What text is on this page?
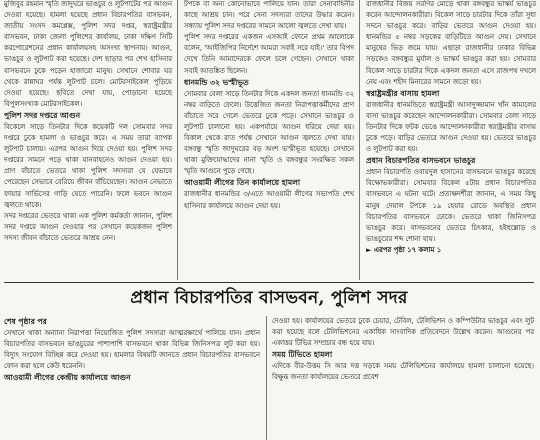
মুজিবুর রহমান স্মৃতি জাদুঘরে ভাঙচুর ও লুটপাটের পর আগুন দেওয়া হয়েছে। হামলা হয়েছে প্রধান বিচারপতির বাসভবন, জাতীয় সংসদ কমপ্লেক্স, পুলিশ সদর দপ্তর, স্বরাষ্ট্রমন্ত্রীর বাসভবন, ঢাকা জেলা পুলিশের কার্যালয়, ঢাকা দক্ষিণ সিটি করপোরেশনের প্রধান কার্যালয়সহ অসংখ্য স্থাপনায়। আগুন, ভাঙচুর ও লুটপাট করা হয়েছে। দেশ ছাড়ার পর শেখ হাসিনার বাসভবনে ঢুকে পড়েন হাজারো মানুষ। সেখানে শোবার ঘর থেকে রান্নাঘর পর্যন্ত লুটপাট চলে। মোটরসাইকেল পুড়িয়ে দেওয়া হয়েছে। ছবিতে দেখা যায়, পোড়ানো হয়েছে বিপুলসংখ্যক মোটরসাইকেল।

পুলিশ সদর দপ্তরে আগুন

বিকেলে সাড়ে তিনটার দিকে কয়েকটি দল সোমবার সদর দপ্তরে ঢুকে হামলা ও ভাঙচুর করে। এ সময় তারা ব্যাপক লুটপাট চালায়। এরপর আগুন দিয়ে দেওয়া হয়। পুলিশ সদর দপ্তরের সামনে পড়ে থাকা যানবাহনেও আগুন দেওয়া হয়। প্রাণ বাঁচাতে ভেতরে থাকা পুলিশ সদস্যরা যে যেভাবে পেরেছেন সেভাবে বেরিয়ে জীবন বাঁচিয়েছেন। আগুন নেভাতে ফায়ার সার্ভিসের গাড়ি যেতে পারেনি। ফলে ভবনে আগুন জ্বলতে থাকে।

সদর দপ্তরের ভেতরে থাকা এক পুলিশ কর্মকর্তা জানান, পুলিশ সদর দপ্তরে আগুন দেওয়ার পর সেখানে কয়েকজন পুলিশ সদস্য জীবন বাঁচাতে ভেতরে আশ্রয় নেন।

টপকে বা অন্য কোনোভাবে পালিয়ে যান। তারা সেনাবাহিনীর কাছে আশ্রয় চান। পরে সেনা সদস্যরা তাদের উদ্ধার করেন। সন্ধ্যায় পুলিশ সদর দপ্তরের সামনে আলো জ্বলতে দেখা যায়।

পুলিশ সদর দপ্তরের একজন এসআই ফোনে প্রথম আলোকে বলেন, 'আইজিপির নির্দেশে আমরা সবাই সরে যাই।' তার বিপদ দেখে তিনি আমাদেরকে ফেলে চলে গেছেন। সেখানে থাকা সবাই আতঙ্কিত ছিলেন।

ধানমন্ডি ৩২ ভস্মীভূত

সোমবার বেলা সাড়ে তিনটার দিকে একদল জনতা ধানমন্ডি ৩২ নম্বর বাড়িতে ফেলে। উত্তেজিত জনতা নিরাপত্তাকর্মীদের প্রাণ বাঁচাতে সরে গেলে ভেতরে ঢুকে পড়ে। সেখানে ভাঙচুর ও লুটপাট চালানো হয়। একপর্যায়ে আগুন ধরিয়ে দেয়া হয়। বিকাল থেকে রাত পর্যন্ত সেখানে আগুন জ্বলতে দেখা যায়। বঙ্গবন্ধু স্মৃতি জাদুঘরের বড় অংশ ভস্মীভূত হয়েছে। সেখানে থাকা মুক্তিযোদ্ধাদের নানা স্মৃতি ও বঙ্গবন্ধুর সংরক্ষিত সকল স্মৃতি আগুনে পুড়ে গেছে।

আওয়ামী লীগের তিন কার্যালয়ে হামলা

রাজধানীর ধানমন্ডির ৩/এতে আওয়ামী লীগের সভাপতি শেখ হাসিনার কার্যালয়ে আগুন দেয়া হয়।

রাজধানীর বিজয় সরণির মোড়ে থাকা বঙ্গবন্ধুর ভাস্কর্য ভাঙচুর করেন আন্দোলনকারীরা। বিকেল সাড়ে চারটার দিকে তাঁরা সুধা সদনে ভাঙচুর করে। বাড়ির ভেতরে আগুন দেওয়া হয়। ধানমন্ডির ৫ নম্বর সড়কের বাড়িটিতে আগুন দেয়। সেখানে মানুষের ভিড় জমে যায়। এছাড়া রাজধানীর ঢাকার বিভিন্ন সড়কেও বঙ্গবন্ধুর মুর্যাল ও ভাস্কর্য ভাঙচুর করা হয়। সোমবার বিকেল সাড়ে চারটার দিকে একদল জনতা এসে রাজপথ দখলে নেয় এবং শহীদ মিনারের সামনে জড়ো হয়।

স্বরাষ্ট্রমন্ত্রীর বাসায় হামলা

রাজধানীর ধানমন্ডিতে স্বরাষ্ট্রমন্ত্রী আসাদুজ্জামান খাঁন কামালের বাসা ভাঙচুর করেছেন আন্দোলনকারীরা। সোমবার বেলা সাড়ে তিনটার দিকে ফটক ভেঙে আন্দোলনকারীরা স্বরাষ্ট্রমন্ত্রীর বাসায় ঢুকে পড়ে। বাড়ির ভেতরে আগুন দেওয়া হয়। ভেতরে ভাঙচুর ও লুটপাট করা হয়।

প্রধান বিচারপতির বাসভবনে ভাঙচুর

প্রধান বিচারপতি ওবায়দুল হাসানের বাসভবনে ভাঙচুর করেছে বিক্ষোভকারীরা। সোমবার বিকেল ৫টায় প্রধান বিচারপতির বাসভবনে এ ঘটনা ঘটে। প্রত্যক্ষদর্শীরা জানান, এ সময় কিছু মানুষ দেয়াল টপকে ১৯ হেয়ার রোডে অবস্থিত প্রধান বিচারপতির বাসভবনে ঢোকে। ভেতরে থাকা জিনিসপত্র ভাঙচুর করে। বাসভবনের ভেতরে চিৎকার, হইহুল্লোড় ও ভাঙচুরের শব্দ শোনা যায়।

► এরপর পৃষ্ঠা ১৭ কলাম ১

প্রধান বিচারপতির বাসভবন, পুলিশ সদর

শেষ পৃষ্ঠার পর

সেখানে থাকা অন্যান্য নিরাপত্তা নিয়োজিত পুলিশ সদস্যরা আত্মরক্ষার্থে পালিয়ে যান। প্রধান বিচারপতির বাসভবনে ভাঙচুরের পাশাপাশি বাসভবনে থাকা বিভিন্ন জিনিসপত্র লুট করা হয়। বিদ্যুৎ সংযোগ বিচ্ছিন্ন করে দেওয়া হয়। হামলার বিষয়টি জানতে প্রধান বিচারপতির বাসভবনে ফোন করা হলে কেউ ধরেননি।

আওয়ামী লীগের কেন্দ্রীয় কার্যালয়ে আগুন

দেওয়া হয়। কার্যালয়ের ভেতরে ঢুকে চেয়ার, টেবিল, টেলিভিশন ও কম্পিউটার ভাঙচুর এবং লুট করা হয়েছে বলে টেলিভিশনের একাধিক সাংবাদিক প্রতিবেদনে উল্লেখ করেন। আগুনের পর একাত্তর টিভির সম্প্রচার বন্ধ হয়ে যায়।

সময় টিভিতে হামলা

এদিকে বীর-উত্তম সি আর দত্ত সড়কে সময় টেলিভিশনের কার্যালয়ে হামলা চালানো হয়েছে। বিক্ষুব্ধ জনতা কার্যালয়ের ভেতরে প্রবেশ
